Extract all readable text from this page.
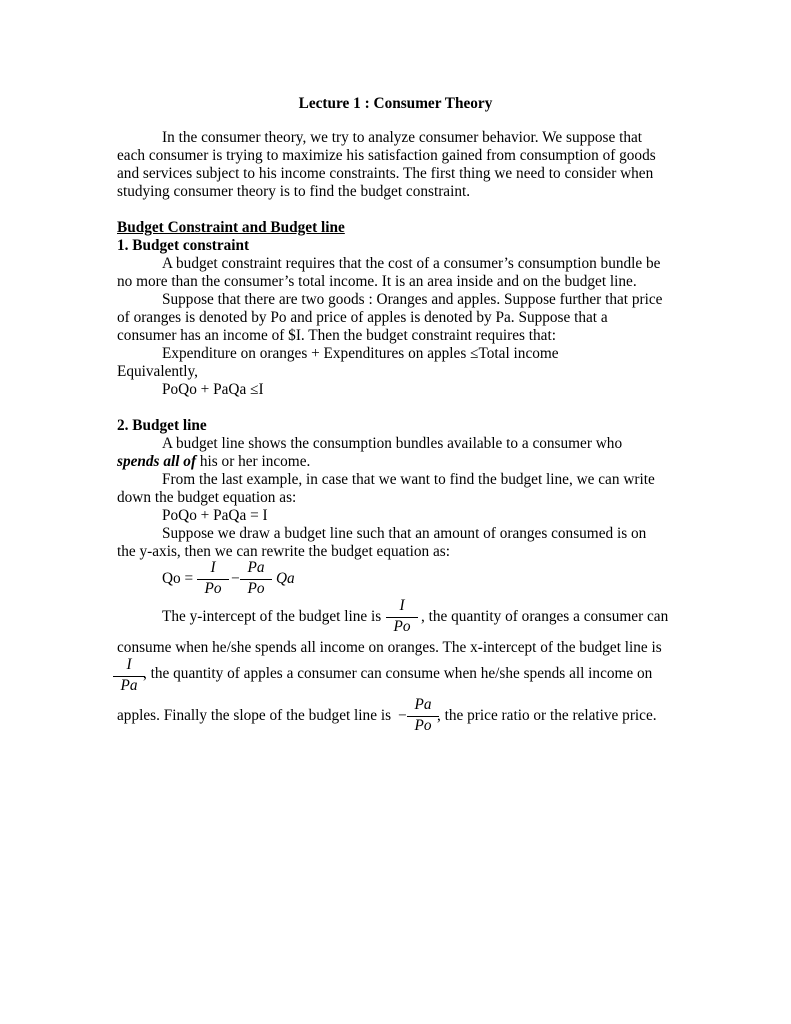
Lecture 1 : Consumer Theory
In the consumer theory, we try to analyze consumer behavior. We suppose that
each consumer is trying to maximize his satisfaction gained from consumption of goods
and services subject to his income constraints. The first thing we need to consider when
studying consumer theory is to find the budget constraint.
Budget Constraint and Budget line
1. Budget constraint
A budget constraint requires that the cost of a consumer’s consumption bundle be
no more than the consumer’s total income. It is an area inside and on the budget line.
Suppose that there are two goods : Oranges and apples. Suppose further that price
of oranges is denoted by Po and price of apples is denoted by Pa. Suppose that a
consumer has an income of $I. Then the budget constraint requires that:
Expenditure on oranges + Expenditures on apples ≤Total income
Equivalently,
PoQo + PaQa ≤I
2. Budget line
A budget line shows the consumption bundles available to a consumer who
spends all of his or her income.
From the last example, in case that we want to find the budget line, we can write
down the budget equation as:
PoQo + PaQa = I
Suppose we draw a budget line such that an amount of oranges consumed is on
the y-axis, then we can rewrite the budget equation as:
Qo =
I
Po
−
Pa
Po
Qa
The y-intercept of the budget line is
I
Po
, the quantity of oranges a consumer can
consume when he/she spends all income on oranges. The x-intercept of the budget line is
I
Pa
, the quantity of apples a consumer can consume when he/she spends all income on
apples. Finally the slope of the budget line is −
Pa
Po
, the price ratio or the relative price.
